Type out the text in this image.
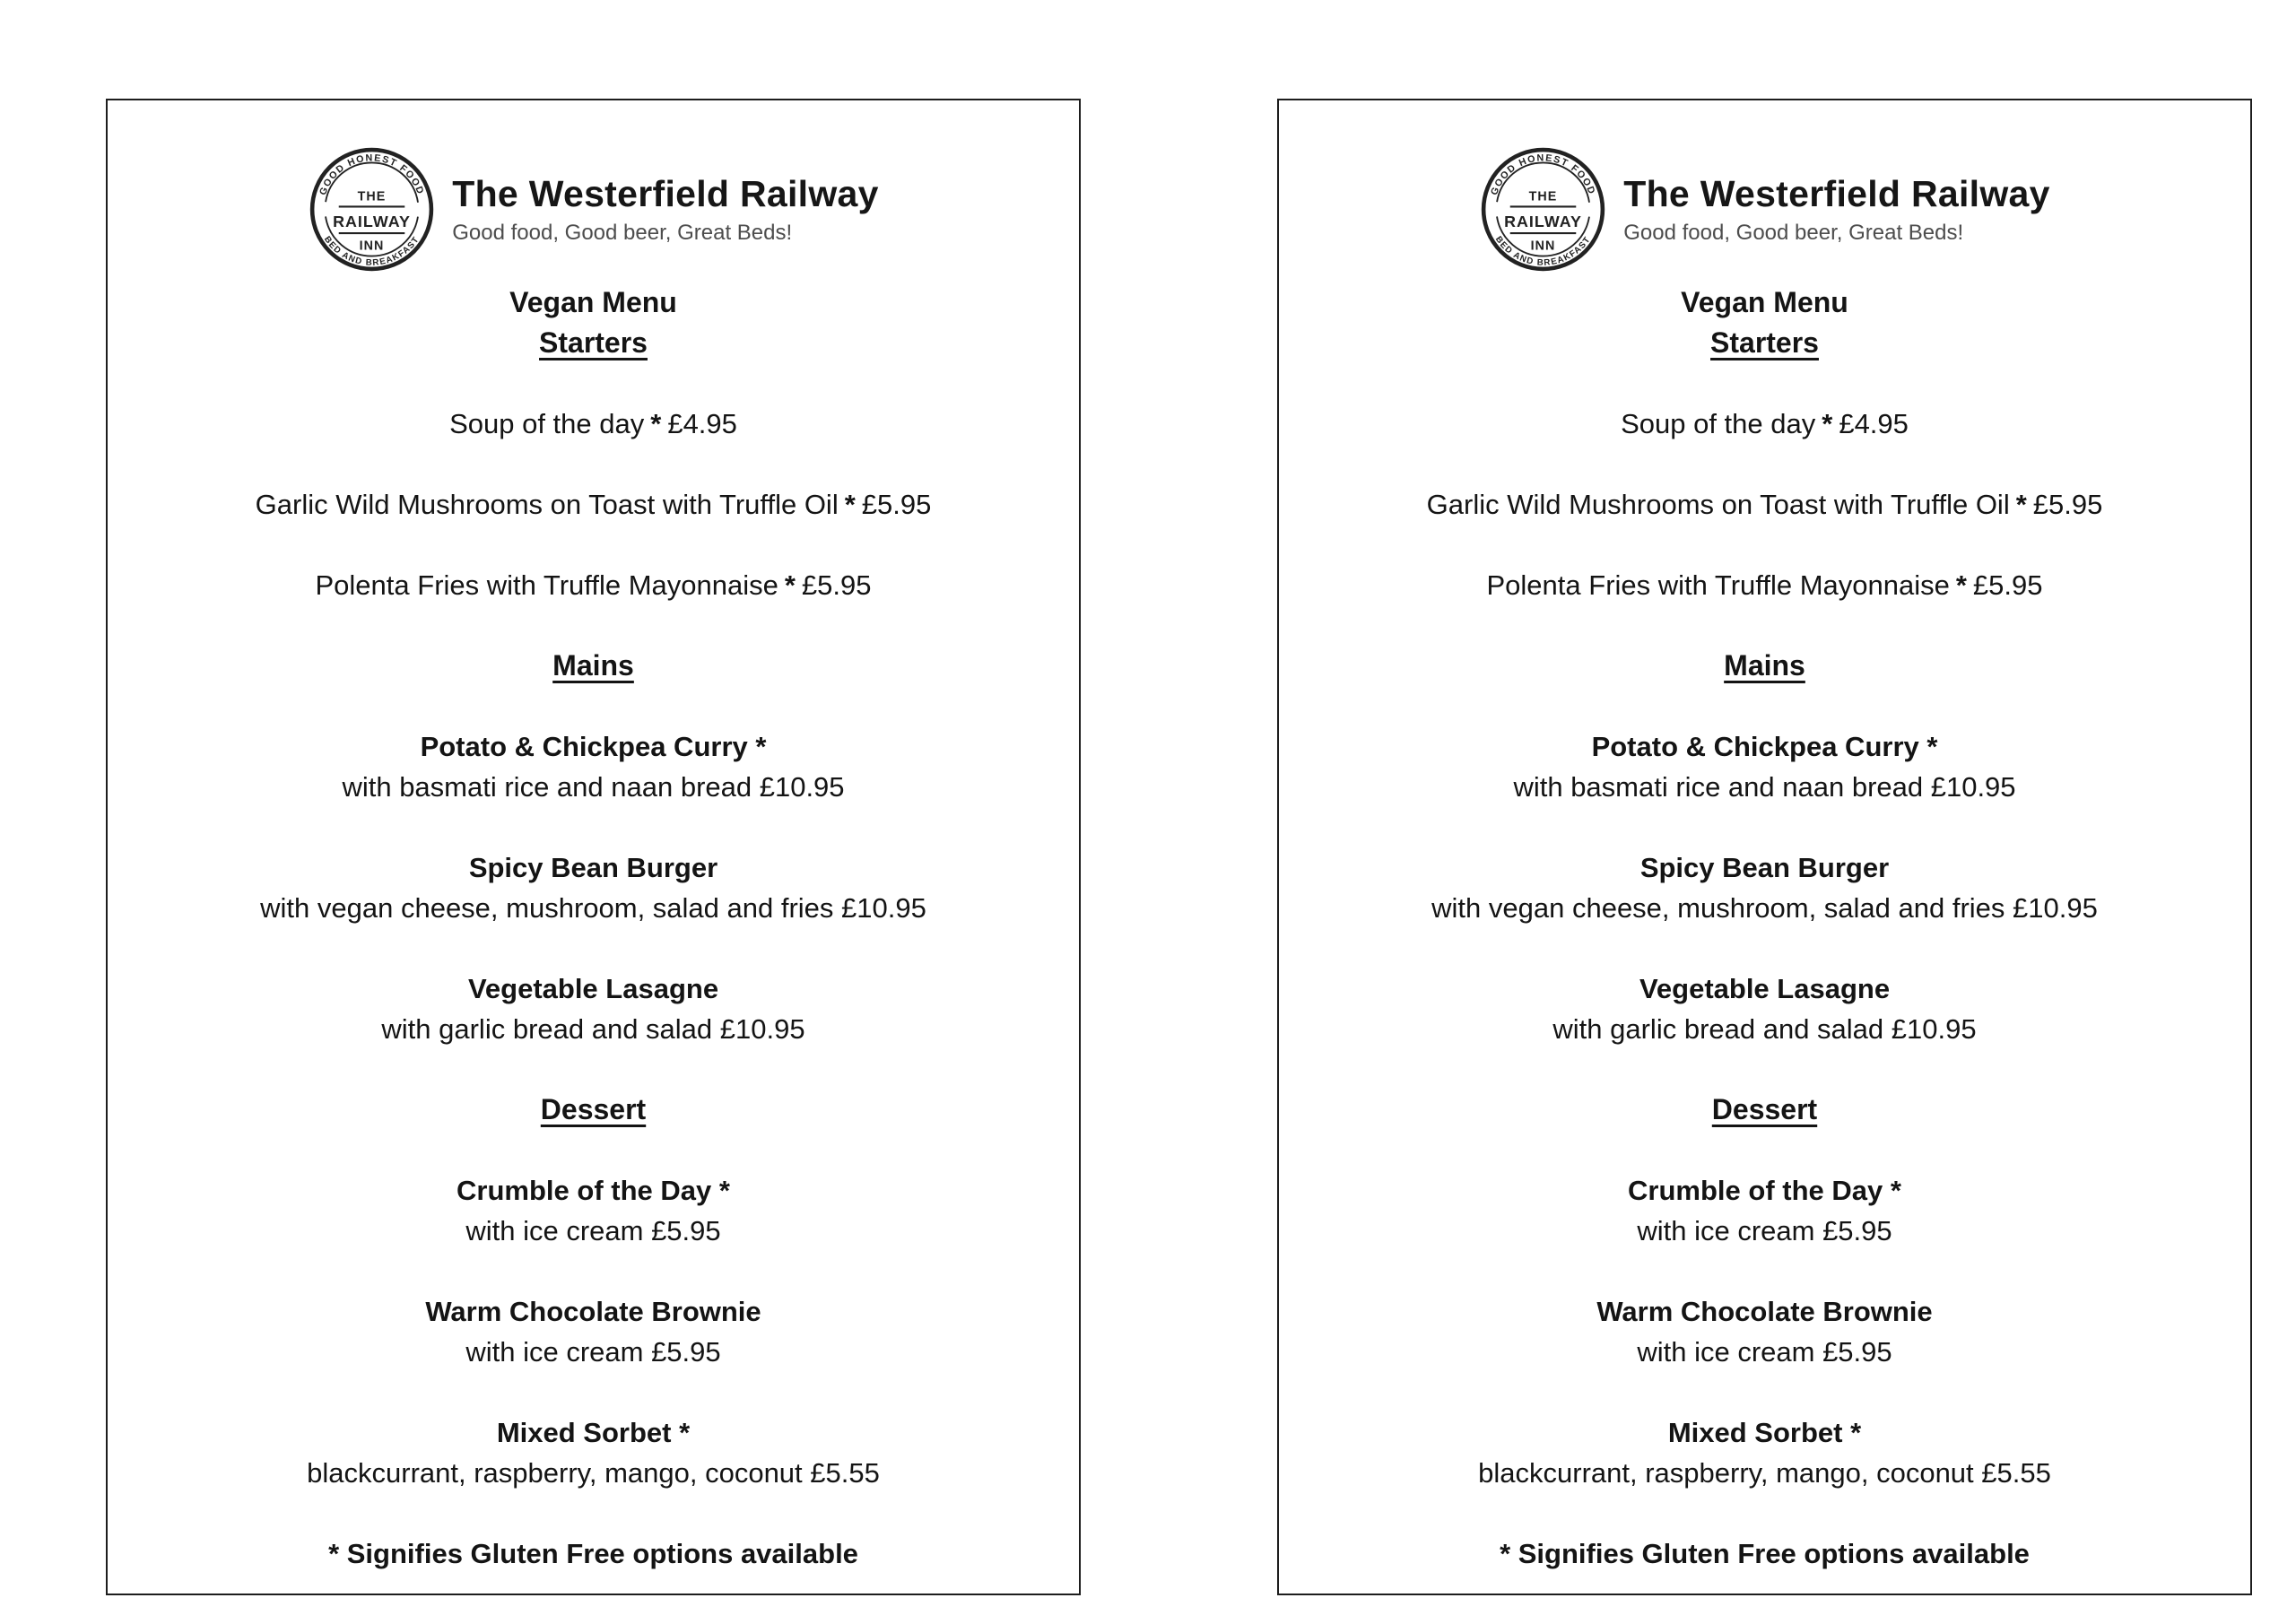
GOOD HONEST FOOD
BED AND BREAKFAST
THE
RAILWAY
INN
The Westerfield Railway
Good food, Good beer, Great Beds!
Vegan Menu
Starters
Soup of the day * £4.95
Garlic Wild Mushrooms on Toast with Truffle Oil * £5.95
Polenta Fries with Truffle Mayonnaise * £5.95
Mains
Potato & Chickpea Curry *
with basmati rice and naan bread £10.95
Spicy Bean Burger
with vegan cheese, mushroom, salad and fries £10.95
Vegetable Lasagne
with garlic bread and salad £10.95
Dessert
Crumble of the Day *
with ice cream £5.95
Warm Chocolate Brownie
with ice cream £5.95
Mixed Sorbet *
blackcurrant, raspberry, mango, coconut £5.55
* Signifies Gluten Free options available
GOOD HONEST FOOD
BED AND BREAKFAST
THE
RAILWAY
INN
The Westerfield Railway
Good food, Good beer, Great Beds!
Vegan Menu
Starters
Soup of the day * £4.95
Garlic Wild Mushrooms on Toast with Truffle Oil * £5.95
Polenta Fries with Truffle Mayonnaise * £5.95
Mains
Potato & Chickpea Curry *
with basmati rice and naan bread £10.95
Spicy Bean Burger
with vegan cheese, mushroom, salad and fries £10.95
Vegetable Lasagne
with garlic bread and salad £10.95
Dessert
Crumble of the Day *
with ice cream £5.95
Warm Chocolate Brownie
with ice cream £5.95
Mixed Sorbet *
blackcurrant, raspberry, mango, coconut £5.55
* Signifies Gluten Free options available
